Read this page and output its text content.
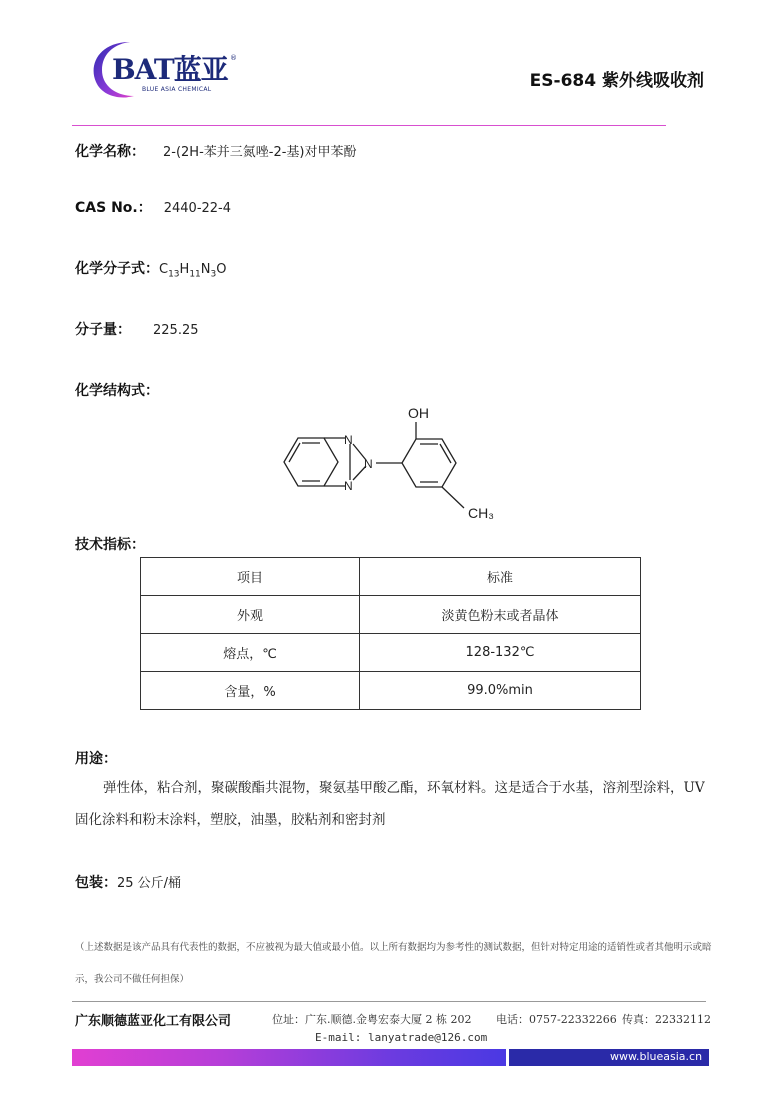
BAT蓝亚 ®
BLUE ASIA CHEMICAL	ES-684 紫外线吸收剂
化学名称： 2-(2H-苯并三氮唑-2-基)对甲苯酚
CAS No.： 2440-22-4
化学分子式： $C_{13}H_{11}N_3O$
分子量： 225.25
化学结构式：
OH
N
N
N
CH₃
技术指标：
项目	标准
外观	淡黄色粉末或者晶体
熔点，℃	128-132℃
含量，%	99.0%min
用途：
弹性体，粘合剂，聚碳酸酯共混物，聚氨基甲酸乙酯，环氧材料。这是适合于水基，溶剂型涂料，UV 固化涂料和粉末涂料，塑胶，油墨，胶粘剂和密封剂
包装： 25 公斤/桶
（上述数据是该产品具有代表性的数据，不应被视为最大值或最小值。以上所有数据均为参考性的测试数据，但针对特定用途的适销性或者其他明示或暗示，我公司不做任何担保）
广东顺德蓝亚化工有限公司	位址：广东.顺德.金粤宏泰大厦 2 栋 202 电话：0757-22332266 传真：22332112
E-mail: lanyatrade@126.com
www.blueasia.cn
